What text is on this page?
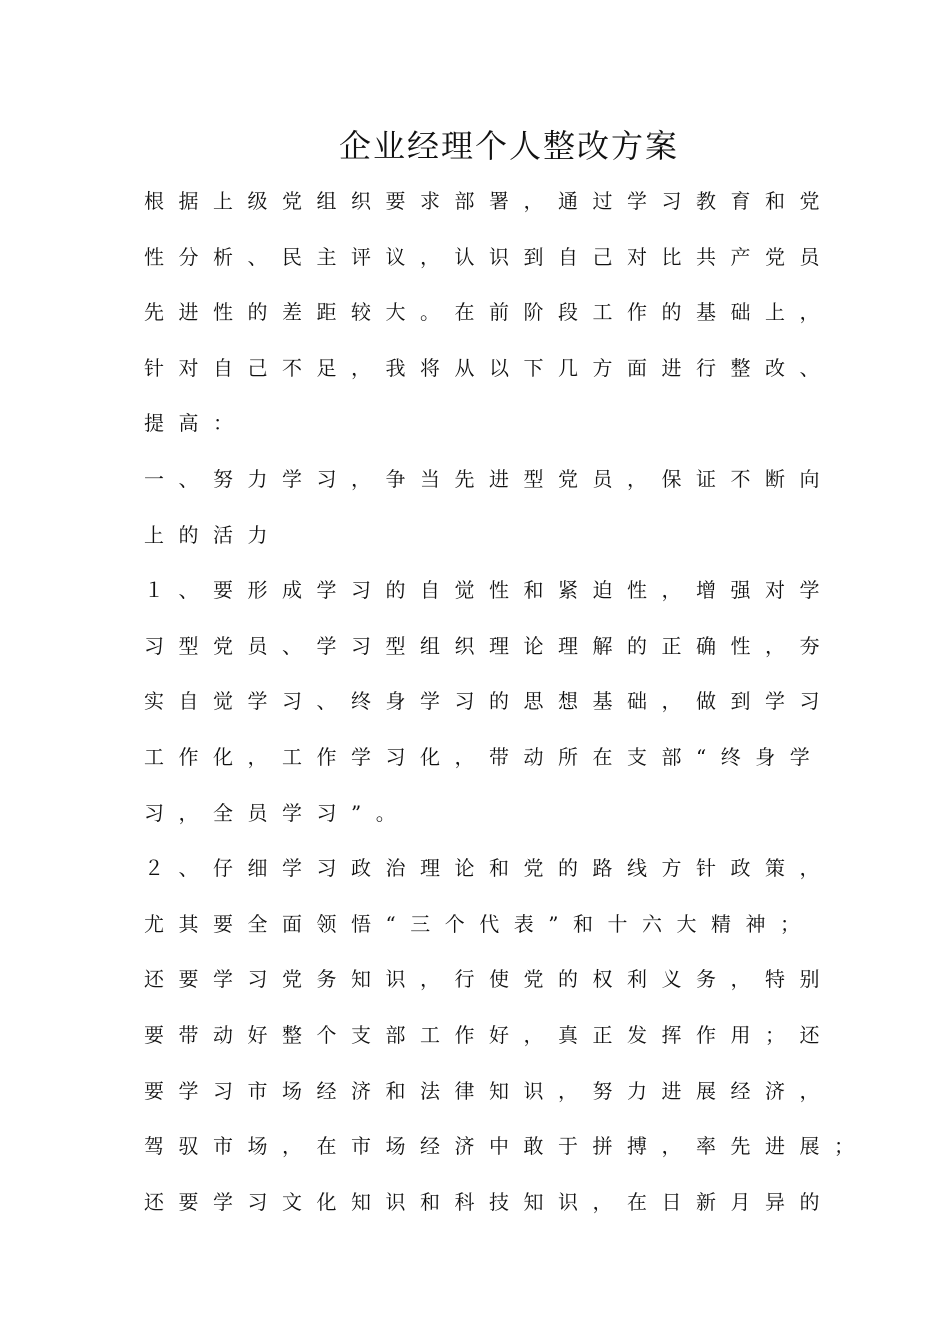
企业经理个人整改方案
根据上级党组织要求部署，通过学习教育和党
性分析、民主评议，认识到自己对比共产党员
先进性的差距较大。在前阶段工作的基础上，
针对自己不足，我将从以下几方面进行整改、
提高：
一、努力学习，争当先进型党员，保证不断向
上的活力
１、要形成学习的自觉性和紧迫性，增强对学
习型党员、学习型组织理论理解的正确性，夯
实自觉学习、终身学习的思想基础，做到学习
工作化，工作学习化，带动所在支部“终身学
习，全员学习”。
２、仔细学习政治理论和党的路线方针政策，
尤其要全面领悟“三个代表”和十六大精神；
还要学习党务知识，行使党的权利义务，特别
要带动好整个支部工作好，真正发挥作用；还
要学习市场经济和法律知识，努力进展经济，
驾驭市场，在市场经济中敢于拼搏，率先进展；
还要学习文化知识和科技知识，在日新月异的
